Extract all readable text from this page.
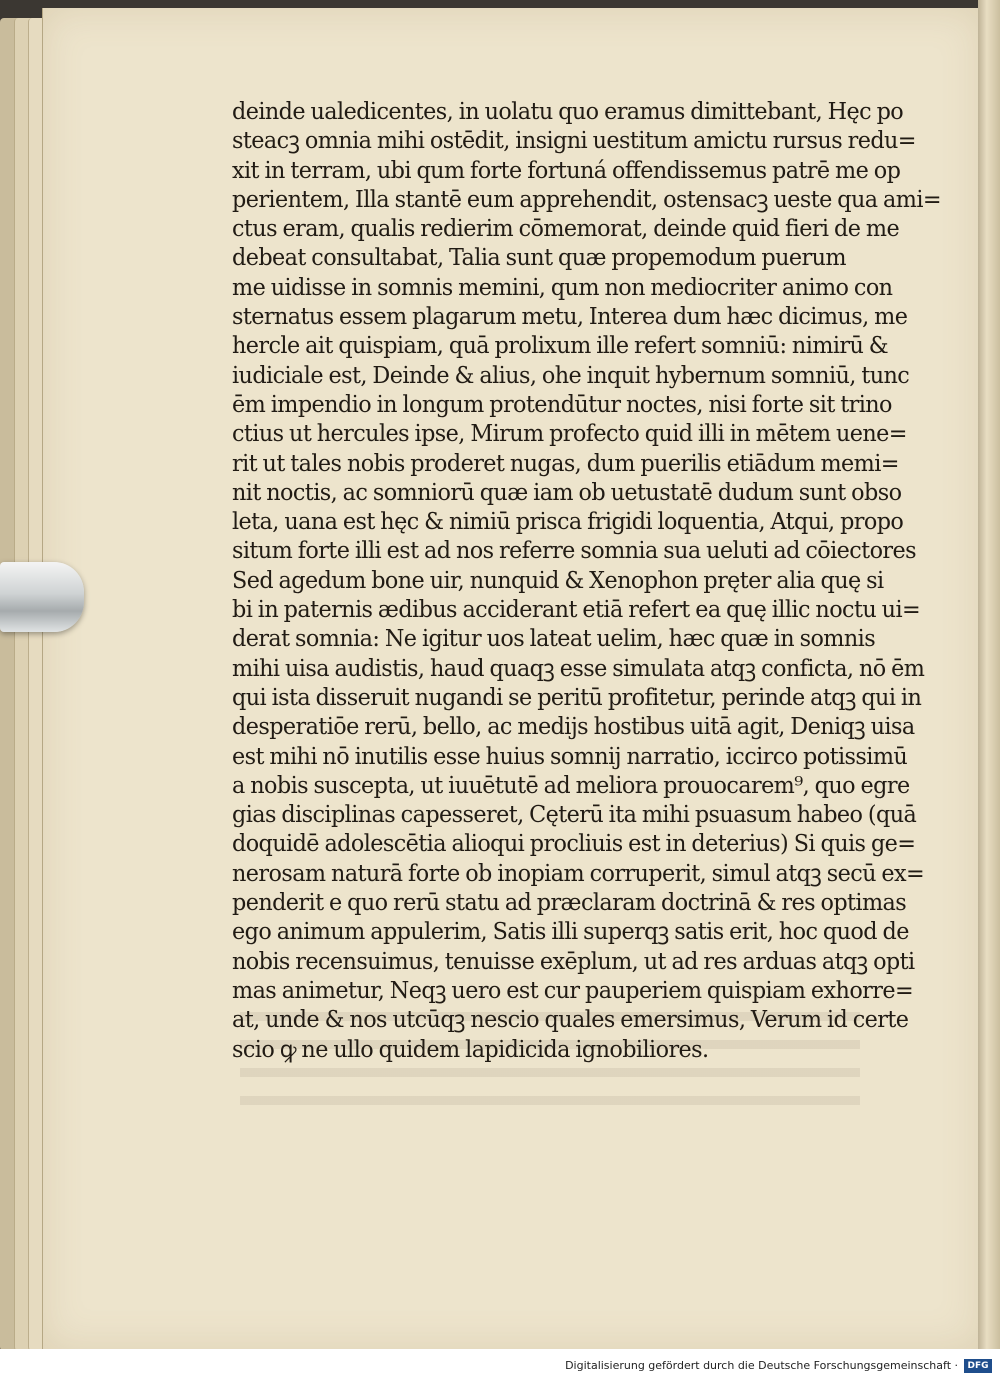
deinde ualedicentes, in uolatu quo eramus dimittebant, Hęc po
steacꝫ omnia mihi ostēdit, insigni uestitum amictu rursus redu=
xit in terram, ubi qum forte fortuná offendissemus patrē me op
perientem, Illa stantē eum apprehendit, ostensacꝫ ueste qua ami=
ctus eram, qualis redierim cōmemorat, deinde quid fieri de me
debeat consultabat, Talia sunt quæ propemodum puerum
me uidisse in somnis memini, qum non mediocriter animo con
sternatus essem plagarum metu, Interea dum hæc dicimus, me
hercle ait quispiam, quā prolixum ille refert somniū: nimirū &
iudiciale est, Deinde & alius, ohe inquit hybernum somniū, tunc
ēm impendio in longum protendūtur noctes, nisi forte sit trino
ctius ut hercules ipse, Mirum profecto quid illi in mētem uene=
rit ut tales nobis proderet nugas, dum puerilis etiādum memi=
nit noctis, ac somniorū quæ iam ob uetustatē dudum sunt obso
leta, uana est hęc & nimiū prisca frigidi loquentia, Atqui, propo
situm forte illi est ad nos referre somnia sua ueluti ad cōiectores
Sed agedum bone uir, nunquid & Xenophon pręter alia quę si
bi in paternis ædibus acciderant etiā refert ea quę illic noctu ui=
derat somnia: Ne igitur uos lateat uelim, hæc quæ in somnis
mihi uisa audistis, haud quaqꝫ esse simulata atqꝫ conficta, nō ēm
qui ista disseruit nugandi se peritū profitetur, perinde atqꝫ qui in
desperatiōe rerū, bello, ac medijs hostibus uitā agit, Deniqꝫ uisa
est mihi nō inutilis esse huius somnij narratio, iccirco potissimū
a nobis suscepta, ut iuuētutē ad meliora prouocarem⁹, quo egre
gias disciplinas capesseret, Cęterū ita mihi psuasum habeo (quā
doquidē adolescētia alioqui procliuis est in deterius) Si quis ge=
nerosam naturā forte ob inopiam corruperit, simul atqꝫ secū ex=
penderit e quo rerū statu ad præclaram doctrinā & res optimas
ego animum appulerim, Satis illi superqꝫ satis erit, hoc quod de
nobis recensuimus, tenuisse exēplum, ut ad res arduas atqꝫ opti
mas animetur, Neqꝫ uero est cur pauperiem quispiam exhorre=
at, unde & nos utcūqꝫ nescio quales emersimus, Verum id certe
scio ꝙ ne ullo quidem lapidicida ignobiliores.
Digitalisierung gefördert durch die Deutsche Forschungsgemeinschaft ·	DFG
